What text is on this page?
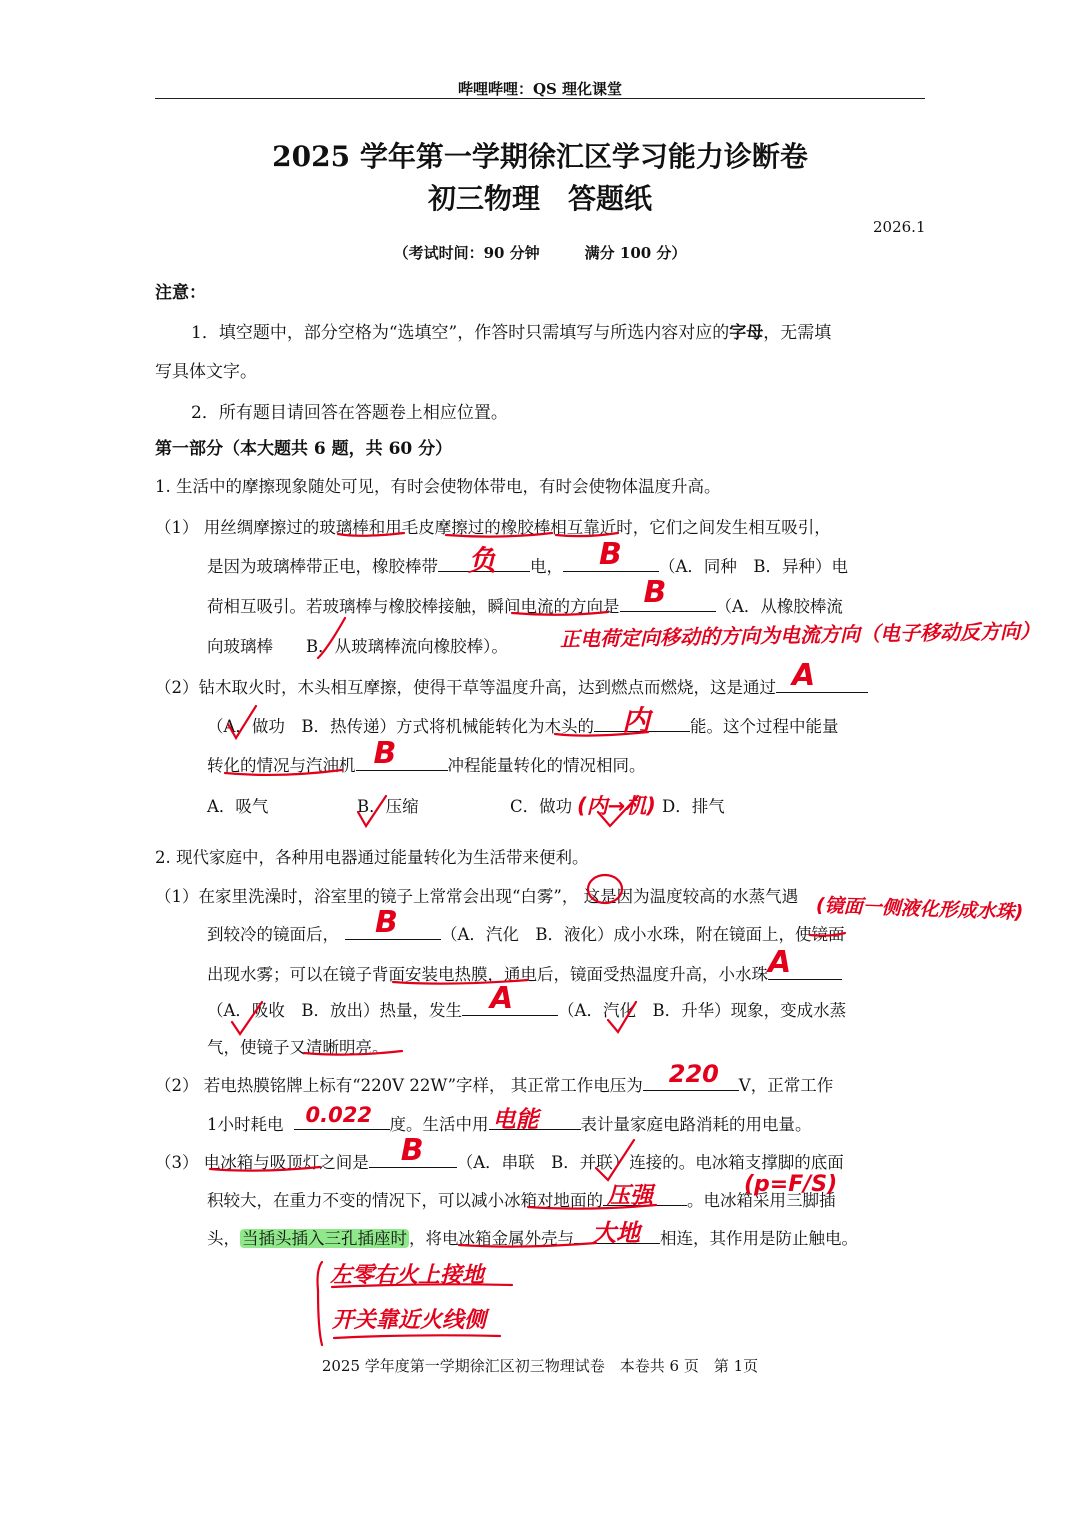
哔哩哔哩：QS 理化课堂
2025 学年第一学期徐汇区学习能力诊断卷
初三物理　答题纸
2026.1
（考试时间：90 分钟　　　满分 100 分）
注意：
1．填空题中，部分空格为“选填空”，作答时只需填写与所选内容对应的字母，无需填
写具体文字。
2．所有题目请回答在答题卷上相应位置。
第一部分（本大题共 6 题，共 60 分）
1. 生活中的摩擦现象随处可见，有时会使物体带电，有时会使物体温度升高。
（1） 用丝绸摩擦过的玻璃棒和用毛皮摩擦过的橡胶棒相互靠近时，它们之间发生相互吸引，
是因为玻璃棒带正电，橡胶棒带 负 电， B （A．同种　B．异种）电
荷相互吸引。若玻璃棒与橡胶棒接触，瞬间电流的方向是 B	（A．从橡胶棒流
向玻璃棒　　B．从玻璃棒流向橡胶棒）。	正电荷定向移动的方向为电流方向（电子移动反方向）
（2）钻木取火时，木头相互摩擦，使得干草等温度升高，达到燃点而燃烧，这是通过 A
（A．做功　B．热传递）方式将机械能转化为木头的 内 能。这个过程中能量
转化的情况与汽油机 B	冲程能量转化的情况相同。
A．吸气	B．压缩	C．做功 (内→机) D．排气
2. 现代家庭中，各种用电器通过能量转化为生活带来便利。
（1）在家里洗澡时，浴室里的镜子上常常会出现“白雾”， 这是因为温度较高的水蒸气遇 (镜面一侧液化形成水珠)
到较冷的镜面后， B	（A．汽化　B．液化）成小水珠，附在镜面上，使镜面
出现水雾；可以在镜子背面安装电热膜，通电后，镜面受热温度升高，小水珠 A
（A．吸收　B．放出）热量，发生 A	（A．汽化　B．升华）现象，变成水蒸
气，使镜子又清晰明亮。
（2） 若电热膜铭牌上标有“220V 22W”字样， 其正常工作电压为 220 V，正常工作
1小时耗电 0.022 度。生活中用 电能	表计量家庭电路消耗的用电量。
（3） 电冰箱与吸顶灯之间是 B （A．串联　B．并联）连接的。电冰箱支撑脚的底面
积较大，在重力不变的情况下，可以减小冰箱对地面的 压强 。电冰箱采用三脚插
(p=F/S)
头， 当插头插入三孔插座时 ，将电冰箱金属外壳与 大地 相连，其作用是防止触电。
左零右火上接地
开关靠近火线侧
2025 学年度第一学期徐汇区初三物理试卷　本卷共 6 页　第 1页
